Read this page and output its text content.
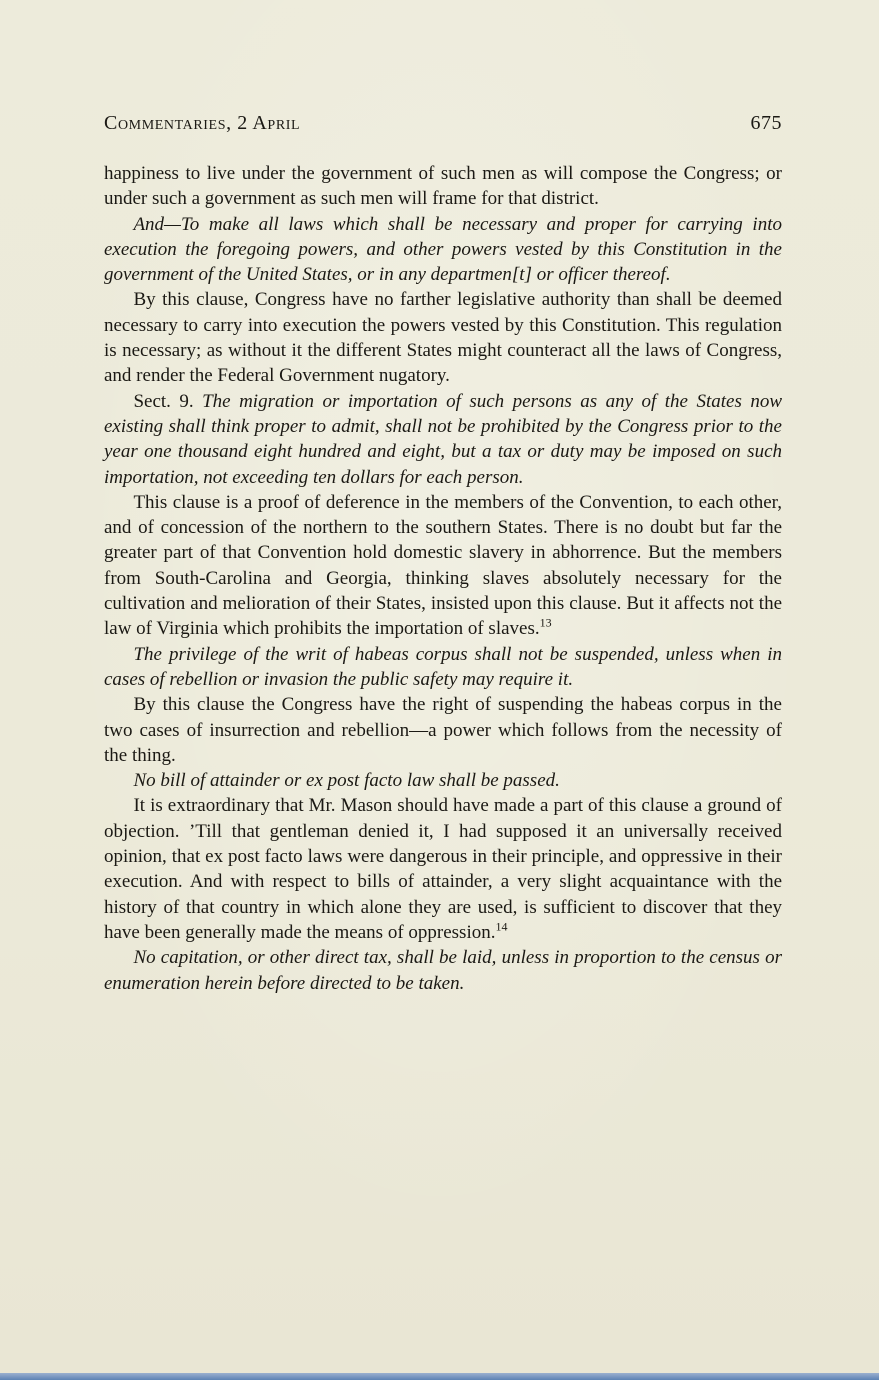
Commentaries, 2 April	675

happiness to live under the government of such men as will compose the Congress; or under such a government as such men will frame for that district.

And—To make all laws which shall be necessary and proper for carrying into execution the foregoing powers, and other powers vested by this Constitution in the government of the United States, or in any departmen[t] or officer thereof.

By this clause, Congress have no farther legislative authority than shall be deemed necessary to carry into execution the powers vested by this Constitution. This regulation is necessary; as without it the different States might counteract all the laws of Congress, and render the Federal Government nugatory.

Sect. 9. The migration or importation of such persons as any of the States now existing shall think proper to admit, shall not be prohibited by the Congress prior to the year one thousand eight hundred and eight, but a tax or duty may be imposed on such importation, not exceeding ten dollars for each person.

This clause is a proof of deference in the members of the Convention, to each other, and of concession of the northern to the southern States. There is no doubt but far the greater part of that Convention hold domestic slavery in abhorrence. But the members from South-Carolina and Georgia, thinking slaves absolutely necessary for the cultivation and melioration of their States, insisted upon this clause. But it affects not the law of Virginia which prohibits the importation of slaves.$^{13}$

The privilege of the writ of habeas corpus shall not be suspended, unless when in cases of rebellion or invasion the public safety may require it.

By this clause the Congress have the right of suspending the habeas corpus in the two cases of insurrection and rebellion—a power which follows from the necessity of the thing.

No bill of attainder or ex post facto law shall be passed.

It is extraordinary that Mr. Mason should have made a part of this clause a ground of objection. ’Till that gentleman denied it, I had supposed it an universally received opinion, that ex post facto laws were dangerous in their principle, and oppressive in their execution. And with respect to bills of attainder, a very slight acquaintance with the history of that country in which alone they are used, is sufficient to discover that they have been generally made the means of oppression.$^{14}$

No capitation, or other direct tax, shall be laid, unless in proportion to the census or enumeration herein before directed to be taken.
